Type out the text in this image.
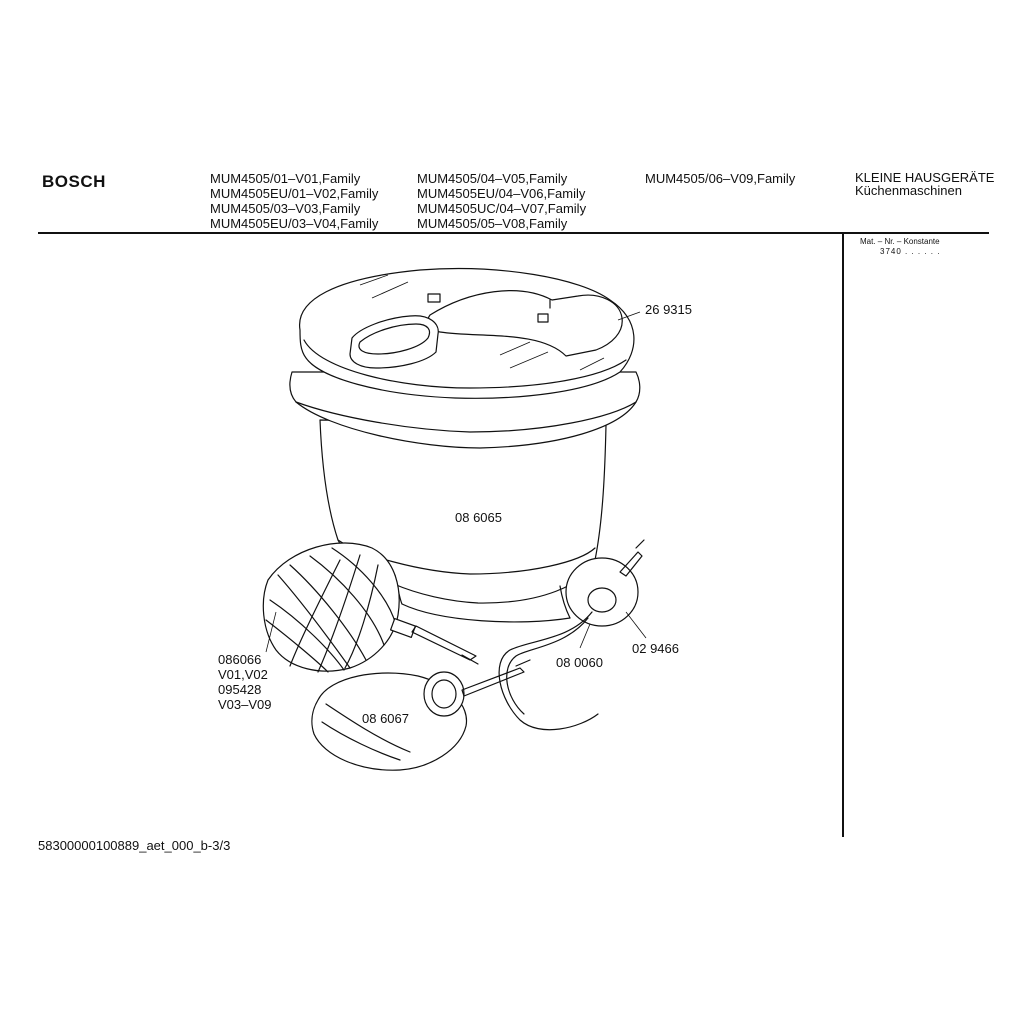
BOSCH	MUM4505/01–V01,Family
MUM4505EU/01–V02,Family
MUM4505/03–V03,Family
MUM4505EU/03–V04,Family
MUM4505/04–V05,Family
MUM4505EU/04–V06,Family
MUM4505UC/04–V07,Family
MUM4505/05–V08,Family
MUM4505/06–V09,Family	KLEINE HAUSGERÄTE
Küchenmaschinen
Mat. – Nr. – Konstante
3740 . . . . . .
26 9315
08 6065
086066
V01,V02
095428
V03–V09
08 0060
02 9466
08 6067
58300000100889_aet_000_b-3/3
